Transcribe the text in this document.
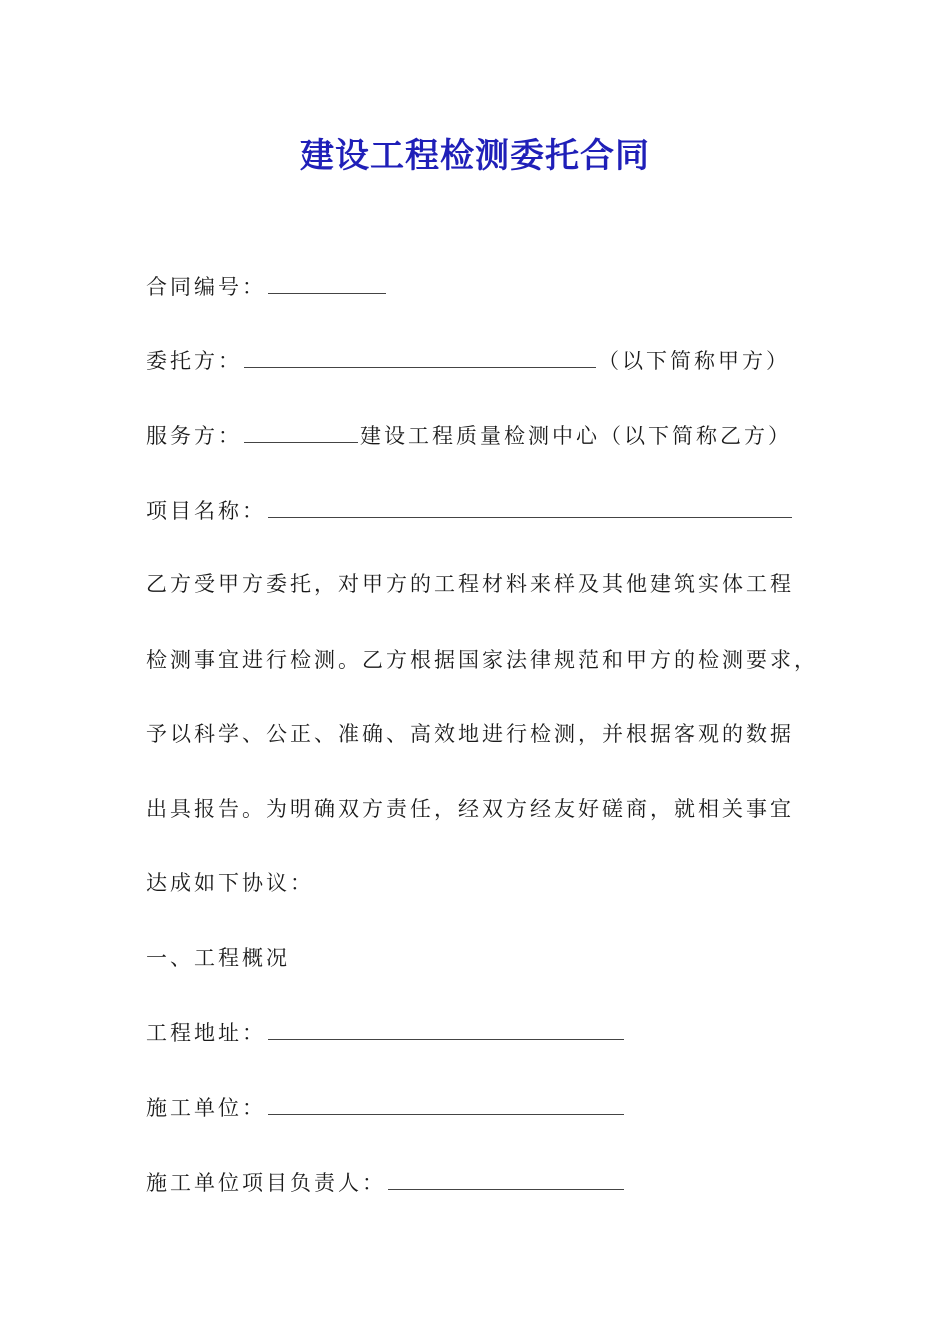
建设工程检测委托合同
合同编号：
委托方：	（以下简称甲方）
服务方：	建设工程质量检测中心（以下简称乙方）
项目名称：
乙方受甲方委托，对甲方的工程材料来样及其他建筑实体工程
检测事宜进行检测。乙方根据国家法律规范和甲方的检测要求，
予以科学、公正、准确、高效地进行检测，并根据客观的数据
出具报告。为明确双方责任，经双方经友好磋商，就相关事宜
达成如下协议：
一、工程概况
工程地址：
施工单位：
施工单位项目负责人：
